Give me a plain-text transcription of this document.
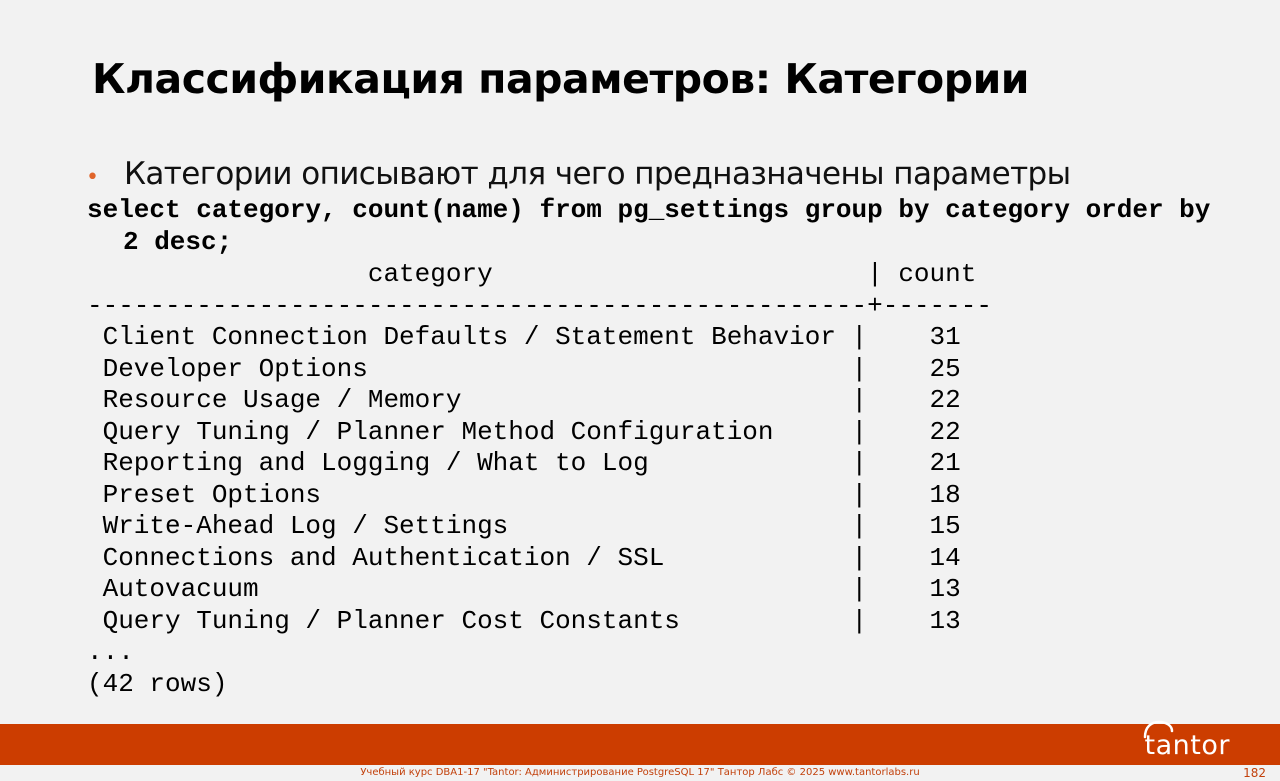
Классификация параметров: Категории
• Категории описывают для чего предназначены параметры
select category, count(name) from pg_settings group by category order by
2 desc;
category                        | count
--------------------------------------------------+-------
Client Connection Defaults / Statement Behavior |    31
Developer Options                               |    25
Resource Usage / Memory                         |    22
Query Tuning / Planner Method Configuration     |    22
Reporting and Logging / What to Log             |    21
Preset Options                                  |    18
Write-Ahead Log / Settings                      |    15
Connections and Authentication / SSL            |    14
Autovacuum                                      |    13
Query Tuning / Planner Cost Constants           |    13
...
(42 rows)
tantor
Учебный курс DBA1-17 "Tantor: Администрирование PostgreSQL 17" Тантор Лабс © 2025 www.tantorlabs.ru	182
